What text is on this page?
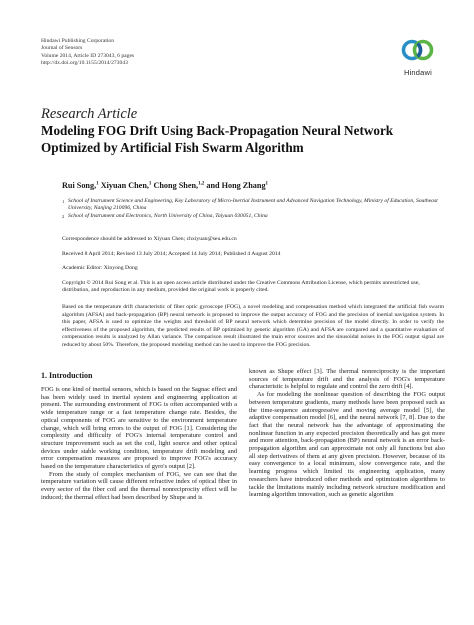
Hindawi Publishing Corporation
Journal of Sensors
Volume 2014, Article ID 273043, 6 pages
http://dx.doi.org/10.1155/2014/273043
Hindawi
Research Article
Modeling FOG Drift Using Back-Propagation Neural Network Optimized by Artificial Fish Swarm Algorithm
Rui Song,$^1$ Xiyuan Chen,$^1$ Chong Shen,$^{1,2}$ and Hong Zhang$^1$
1 School of Instrument Science and Engineering, Key Laboratory of Micro-Inertial Instrument and Advanced Navigation Technology, Ministry of Education, Southeast University, Nanjing 210096, China
2 School of Instrument and Electronics, North University of China, Taiyuan 030051, China
Correspondence should be addressed to Xiyuan Chen; chxiyuan@seu.edu.cn
Received 8 April 2014; Revised 13 July 2014; Accepted 14 July 2014; Published 4 August 2014
Academic Editor: Xinyong Dong
Copyright © 2014 Rui Song et al. This is an open access article distributed under the Creative Commons Attribution License, which permits unrestricted use, distribution, and reproduction in any medium, provided the original work is properly cited.
Based on the temperature drift characteristic of fiber optic gyroscope (FOG), a novel modeling and compensation method which integrated the artificial fish swarm algorithm (AFSA) and back-propagation (BP) neural network is proposed to improve the output accuracy of FOG and the precision of inertial navigation system. In this paper, AFSA is used to optimize the weights and threshold of BP neural network which determine precision of the model directly. In order to verify the effectiveness of the proposed algorithm, the predicted results of BP optimized by genetic algorithm (GA) and AFSA are compared and a quantitative evaluation of compensation results is analyzed by Allan variance. The comparison result illustrated the main error sources and the sinusoidal noises in the FOG output signal are reduced by about 50%. Therefore, the proposed modeling method can be used to improve the FOG precision.
1. Introduction

FOG is one kind of inertial sensors, which is based on the Sagnac effect and has been widely used in inertial system and engineering application at present. The surrounding environment of FOG is often accompanied with a wide temperature range or a fast temperature change rate. Besides, the optical components of FOG are sensitive to the environment temperature change, which will bring errors to the output of FOG [1]. Considering the complexity and difficulty of FOG's internal temperature control and structure improvement such as set the coil, light source and other optical devices under stable working condition, temperature drift modeling and error compensation measures are proposed to improve FOG's accuracy based on the temperature characteristics of gyro's output [2].

From the study of complex mechanism of FOG, we can see that the temperature variation will cause different refractive index of optical fiber in every sector of the fiber coil and the thermal nonreciprocity effect will be induced; the thermal effect had been described by Shupe and is

known as Shupe effect [3]. The thermal nonreciprocity is the important sources of temperature drift and the analysis of FOG's temperature characteristic is helpful to regulate and control the zero drift [4].

As for modeling the nonlinear question of describing the FOG output between temperature gradients, many methods have been proposed such as the time-sequence autoregressive and moving average model [5], the adaptive compensation model [6], and the neural network [7, 8]. Due to the fact that the neural network has the advantage of approximating the nonlinear function in any expected precision theoretically and has got more and more attention, back-propagation (BP) neural network is an error back-propagation algorithm and can approximate not only all functions but also all step derivatives of them at any given precision. However, because of its easy convergence to a local minimum, slow convergence rate, and the learning progress which limited its engineering application, many researchers have introduced other methods and optimization algorithms to tackle the limitations mainly including network structure modification and learning algorithm innovation, such as genetic algorithm
